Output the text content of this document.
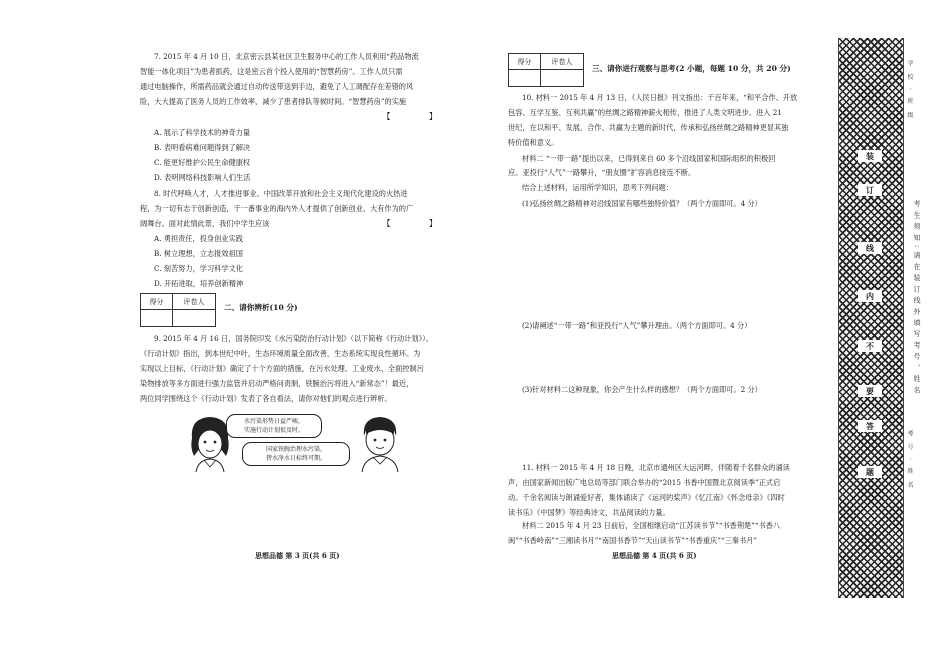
7. 2015 年 4 月 10 日，北京密云县某社区卫生服务中心的工作人员利用“药品物流
智能一体化项目”为患者抓药，这是密云首个投入使用的“智慧药房”。工作人员只需
通过电脑操作，所需药品就会通过自动传送带送到手边，避免了人工调配存在差错的风
险，大大提高了医务人员的工作效率，减少了患者排队等候时间。“智慧药房”的实施
【 】
A. 展示了科学技术的神奇力量
B. 表明看病难问题得到了解决
C. 能更好维护公民生命健康权
D. 表明网络科技影响人们生活
8. 时代呼唤人才，人才推进事业。中国改革开放和社会主义现代化建设的火热进
程，为一切有志于创新创造，干一番事业的海内外人才提供了创新创业、大有作为的广
阔舞台。面对此情此景，我们中学生应该	【 】
A. 勇担责任，投身创业实践
B. 树立理想，立志报效祖国
C. 刻苦努力，学习科学文化
D. 开拓进取，培养创新精神
得分	评卷人
二、请你辨析(10 分)
9. 2015 年 4 月 16 日，国务院印发《水污染防治行动计划》（以下简称《行动计划》）。
《行动计划》指出，到本世纪中叶，生态环境质量全面改善，生态系统实现良性循环。为
实现以上目标，《行动计划》确定了十个方面的措施，在污水处理、工业废水、全面控制污
染物排放等多方面进行强力监管并启动严格问责制，铁腕治污将进入“新常态”！最近，
两位同学围绕这个《行动计划》发表了各自看法，请你对他们的观点进行辨析。
水污染形势日益严峻，
实施行动计划很及时。
国家铁腕治理水污染，
碧水净水日标终可期。
思想品德 第 3 页(共 6 页)
得分	评卷人
三、请你进行观察与思考(2 小题，每题 10 分，共 20 分)
10. 材料一 2015 年 4 月 13 日，《人民日报》刊文指出：千百年来，“和平合作、开放
包容、互学互鉴、互利共赢”的丝绸之路精神薪火相传，推进了人类文明进步。进入 21
世纪，在以和平、发展、合作、共赢为主题的新时代，传承和弘扬丝绸之路精神更显其独
特价值和意义。
材料二 “一带一路”提出以来，已得到来自 60 多个沿线国家和国际组织的积极回
应。亚投行“人气”一路攀升，“朋友圈”扩容消息接连不断。
结合上述材料，运用所学知识，思考下列问题：
(1)弘扬丝绸之路精神对沿线国家有哪些独特价值？（两个方面即可。4 分）
(2)请阐述“一带一路”和亚投行“人气”攀升理由。（两个方面即可。4 分）
(3)针对材料二这种现象，你会产生什么样的感想？（两个方面即可。2 分）
11. 材料一 2015 年 4 月 18 日晚，北京市通州区大运河畔，伴随着千名群众的诵读
声，由国家新闻出版广电总局等部门联合举办的“2015 书香中国暨北京阅读季”正式启
动。千余名阅读与朗诵爱好者，集体诵读了《运河的桨声》《忆江南》《怀念母亲》《四时
读书乐》《中国梦》等经典诗文，共品阅读的力量。
材料二 2015 年 4 月 23 日前后，全国相继启动“江苏读书节”“书香荆楚”“书香八
闽”“书香岭南”“三湘读书月”“南国书香节”“天山读书节”“书香重庆”“三秦书月”
思想品德 第 4 页(共 6 页)
装
订
线
内
不
要
答
题
学 校 · 班 级
考 生 须 知 : 请 在 装 订 线 外 填 写 考 号 、 姓 名
考 号 · 姓 名
